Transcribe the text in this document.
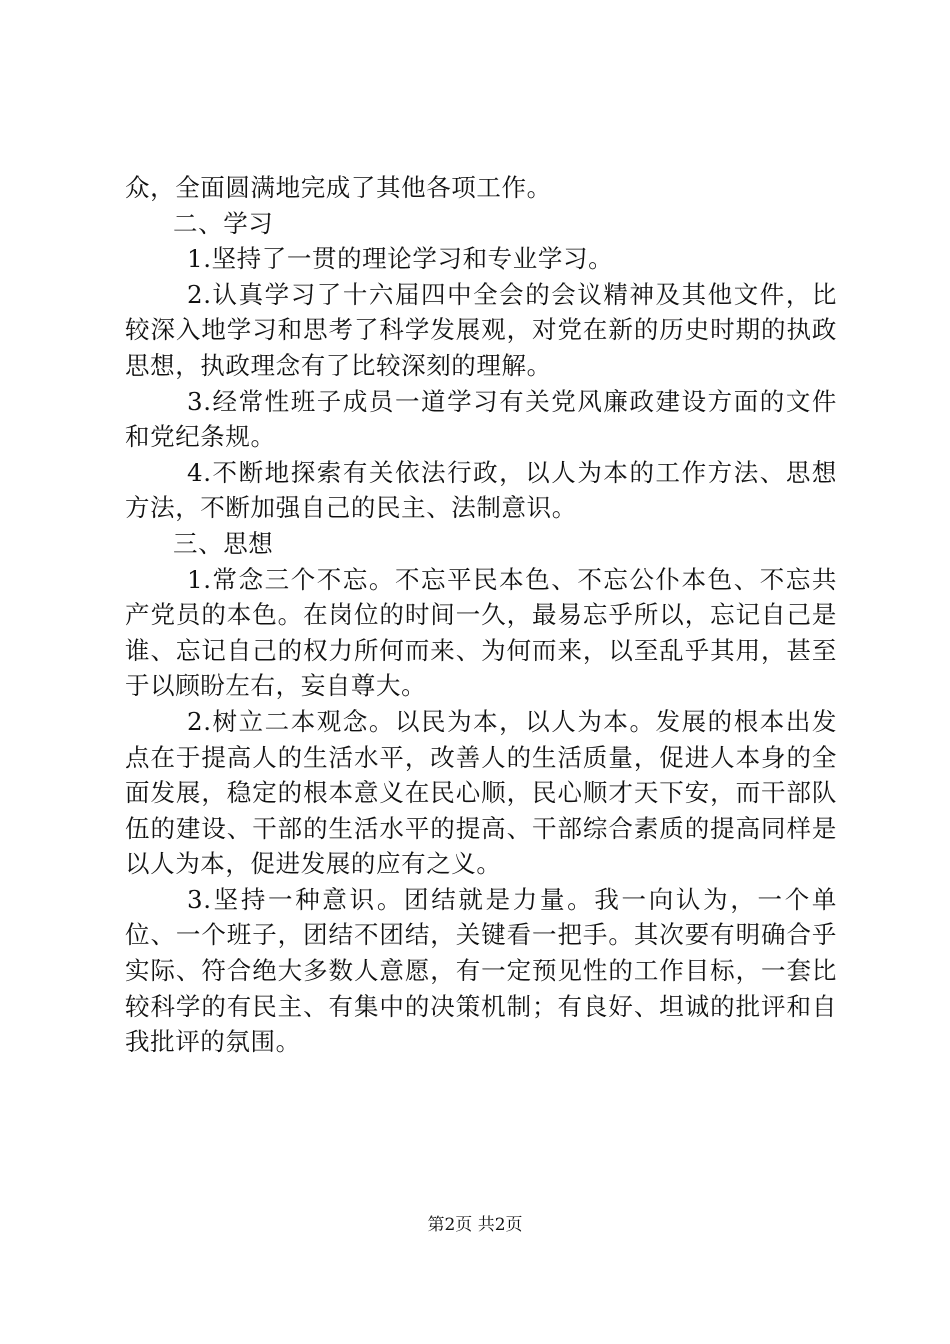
众，全面圆满地完成了其他各项工作。

二、学习

1.坚持了一贯的理论学习和专业学习。

2.认真学习了十六届四中全会的会议精神及其他文件，比较深入地学习和思考了科学发展观，对党在新的历史时期的执政思想，执政理念有了比较深刻的理解。

3.经常性班子成员一道学习有关党风廉政建设方面的文件和党纪条规。

4.不断地探索有关依法行政，以人为本的工作方法、思想方法，不断加强自己的民主、法制意识。

三、思想

1.常念三个不忘。不忘平民本色、不忘公仆本色、不忘共产党员的本色。在岗位的时间一久，最易忘乎所以，忘记自己是谁、忘记自己的权力所何而来、为何而来，以至乱乎其用，甚至于以顾盼左右，妄自尊大。

2.树立二本观念。以民为本，以人为本。发展的根本出发点在于提高人的生活水平，改善人的生活质量，促进人本身的全面发展，稳定的根本意义在民心顺，民心顺才天下安，而干部队伍的建设、干部的生活水平的提高、干部综合素质的提高同样是以人为本，促进发展的应有之义。

3.坚持一种意识。团结就是力量。我一向认为，一个单位、一个班子，团结不团结，关键看一把手。其次要有明确合乎实际、符合绝大多数人意愿，有一定预见性的工作目标，一套比较科学的有民主、有集中的决策机制；有良好、坦诚的批评和自我批评的氛围。

第2页 共2页
